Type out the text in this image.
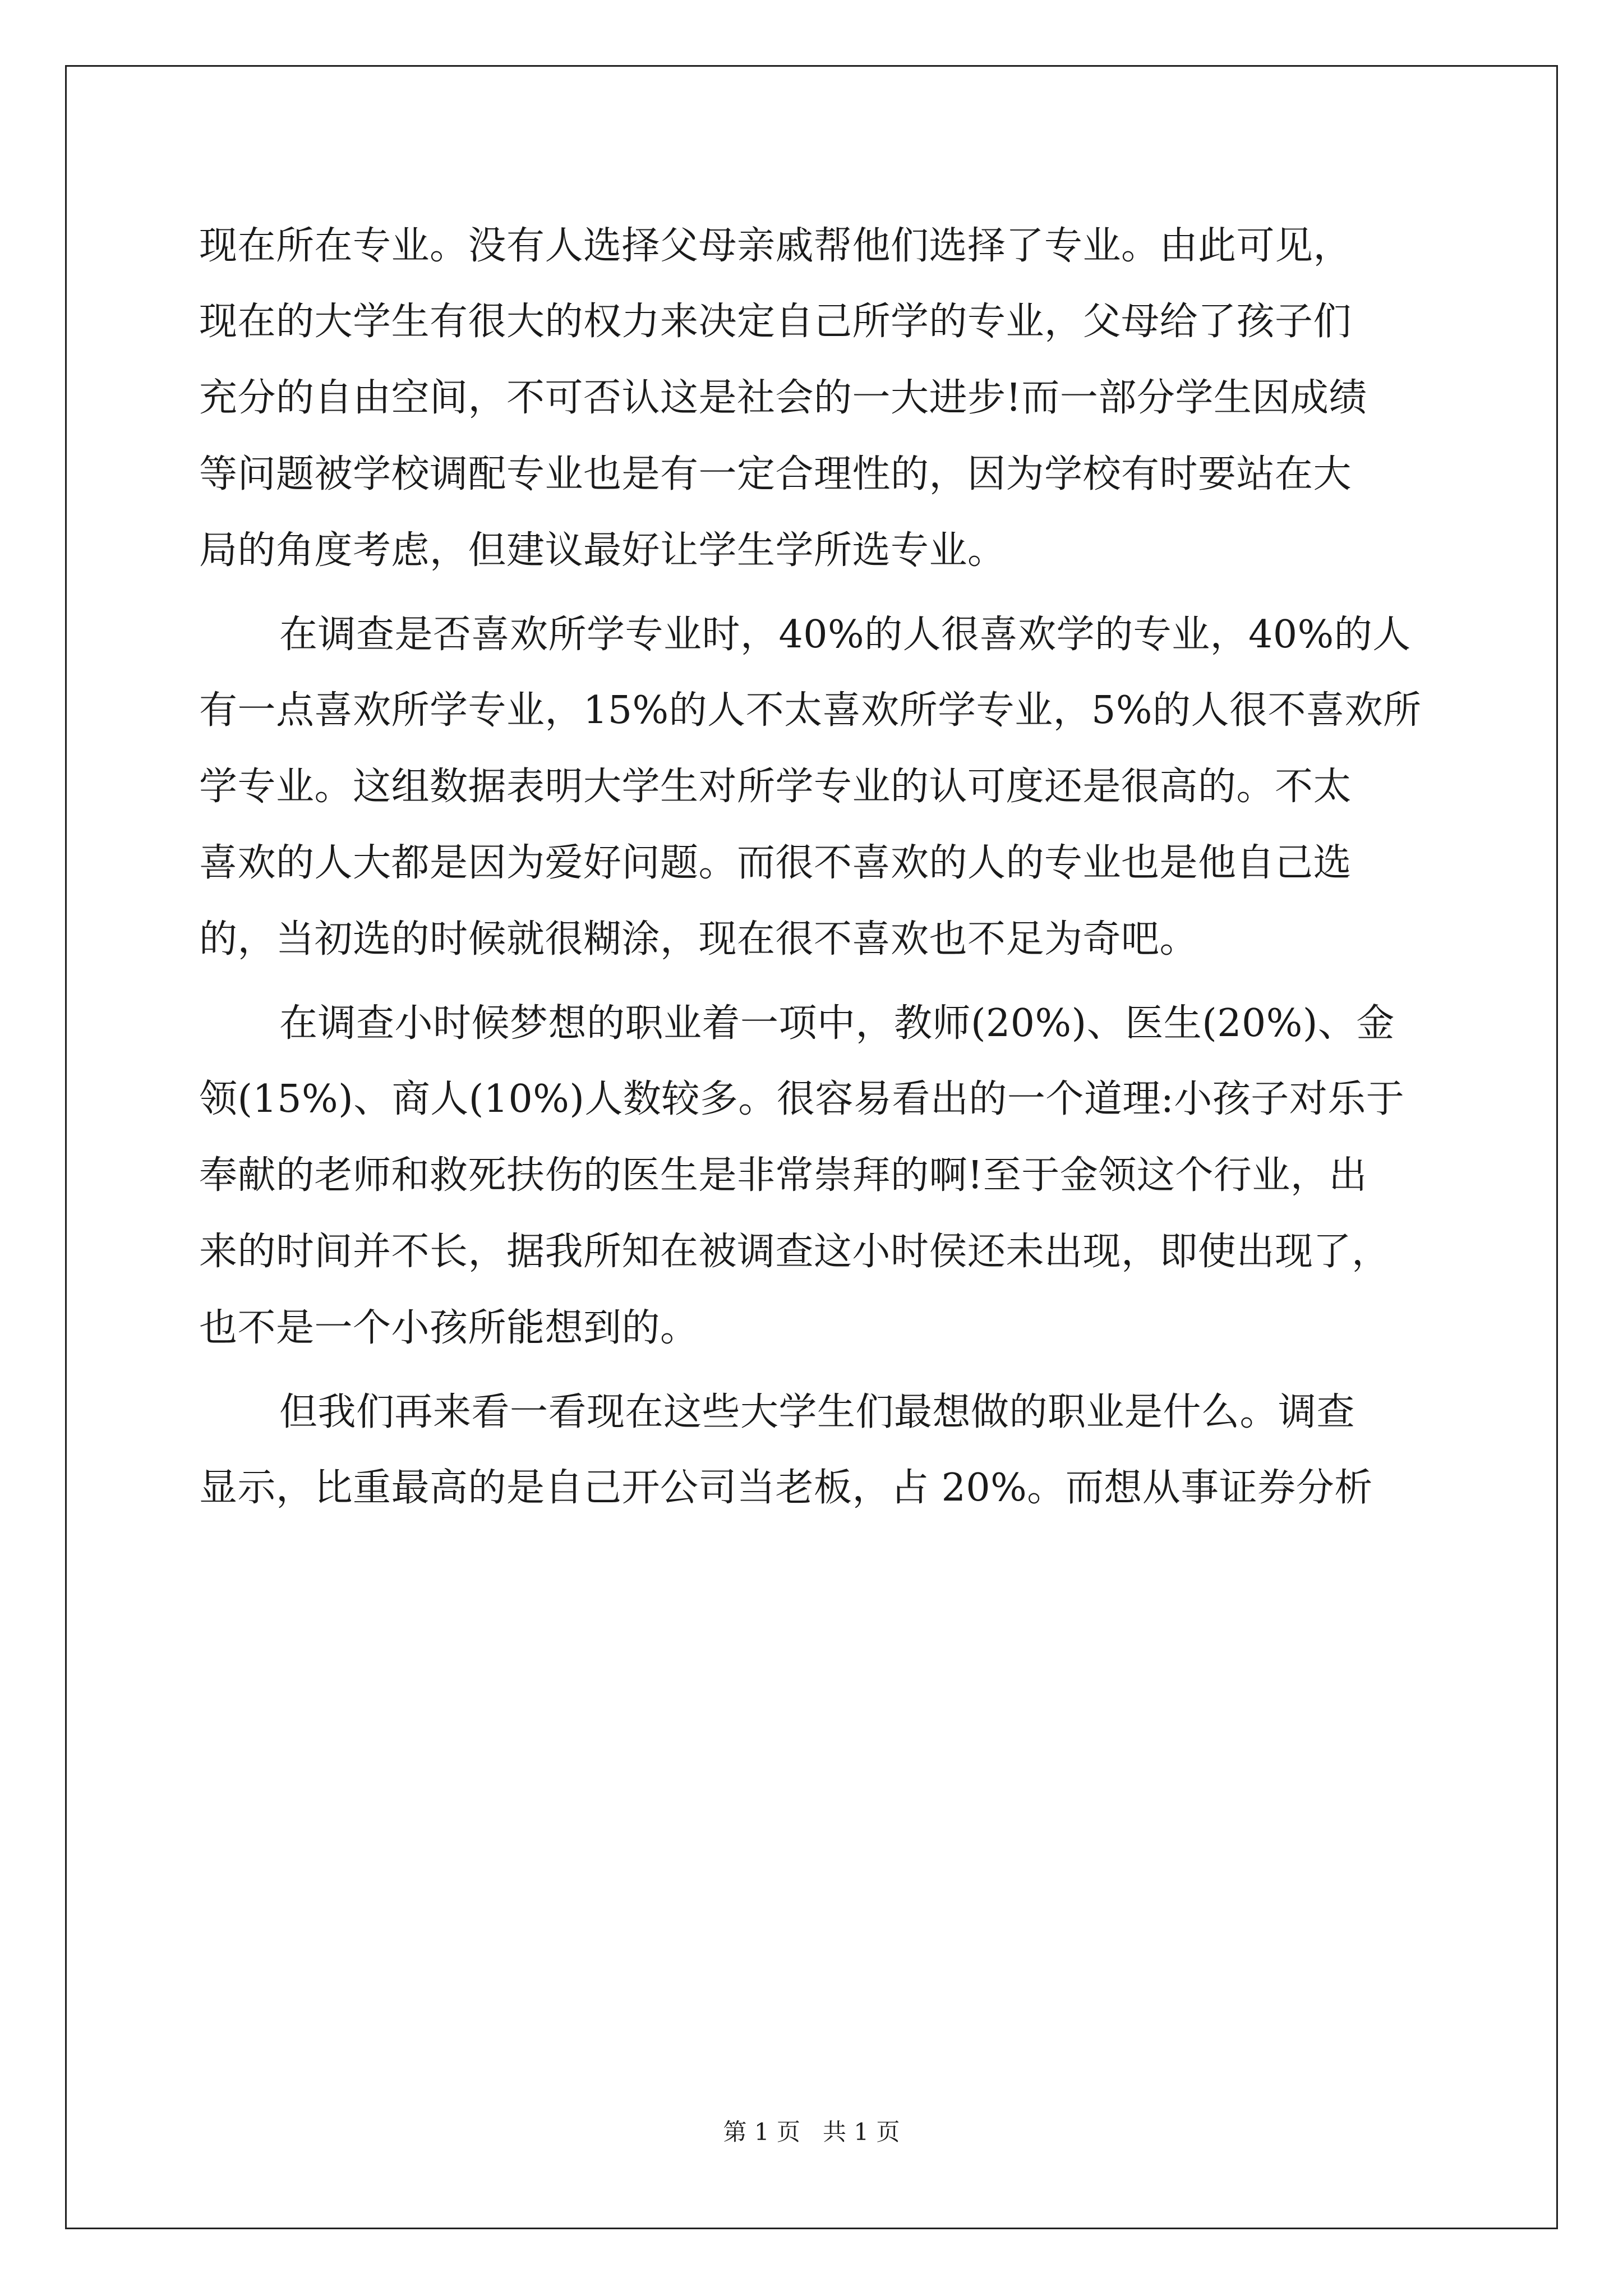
现在所在专业。没有人选择父母亲戚帮他们选择了专业。由此可见，
现在的大学生有很大的权力来决定自己所学的专业，父母给了孩子们
充分的自由空间，不可否认这是社会的一大进步!而一部分学生因成绩
等问题被学校调配专业也是有一定合理性的，因为学校有时要站在大
局的角度考虑，但建议最好让学生学所选专业。
在调查是否喜欢所学专业时，40%的人很喜欢学的专业，40%的人
有一点喜欢所学专业，15%的人不太喜欢所学专业，5%的人很不喜欢所
学专业。这组数据表明大学生对所学专业的认可度还是很高的。不太
喜欢的人大都是因为爱好问题。而很不喜欢的人的专业也是他自己选
的，当初选的时候就很糊涂，现在很不喜欢也不足为奇吧。
在调查小时候梦想的职业着一项中，教师(20%)、医生(20%)、金
领(15%)、商人(10%)人数较多。很容易看出的一个道理:小孩子对乐于
奉献的老师和救死扶伤的医生是非常崇拜的啊!至于金领这个行业，出
来的时间并不长，据我所知在被调查这小时侯还未出现，即使出现了，
也不是一个小孩所能想到的。
但我们再来看一看现在这些大学生们最想做的职业是什么。调查
显示，比重最高的是自己开公司当老板，占 20%。而想从事证券分析
第 1 页   共 1 页
